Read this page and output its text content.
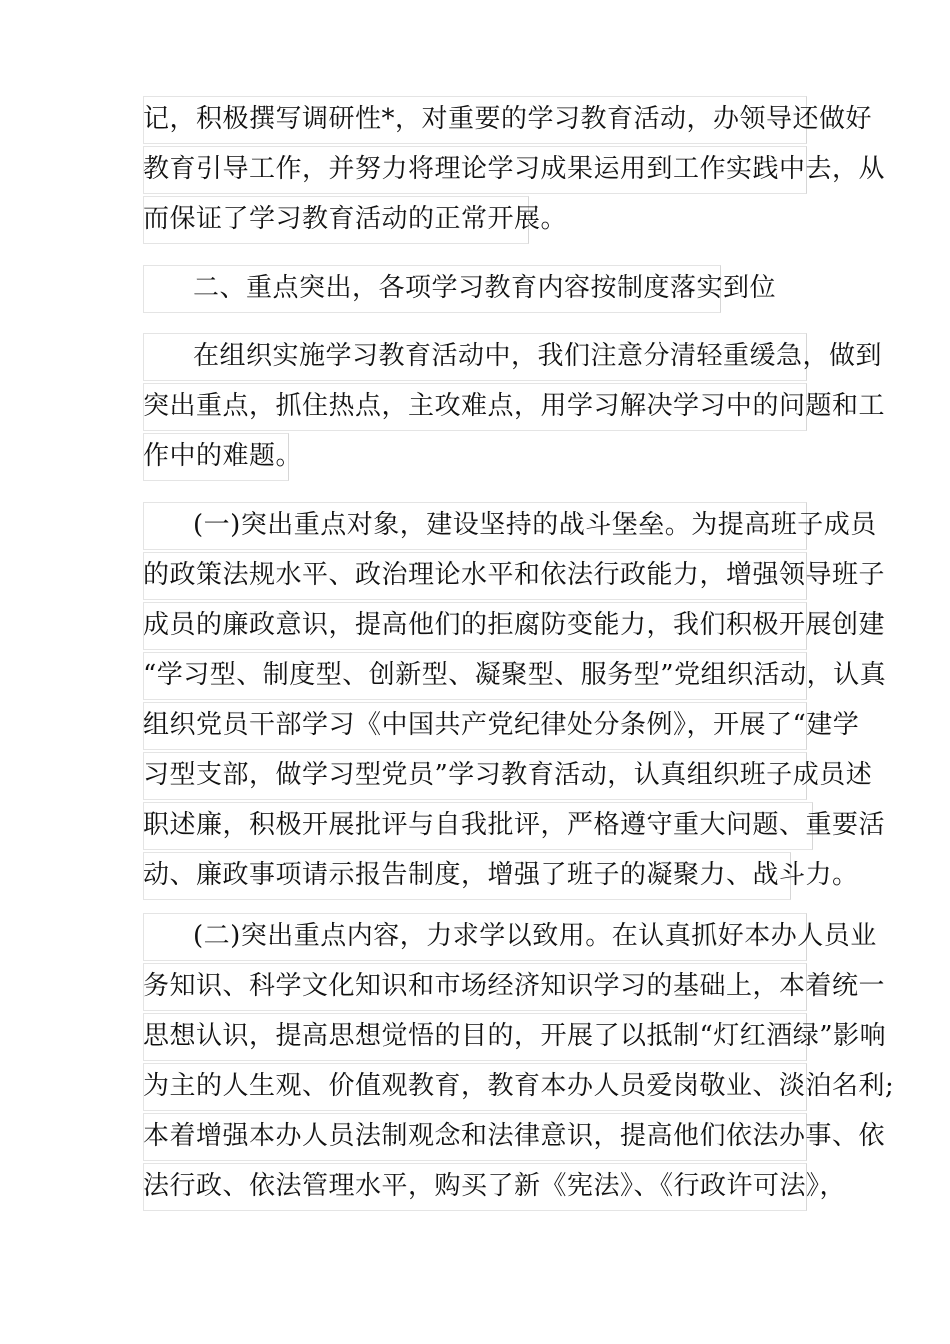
记，积极撰写调研性*，对重要的学习教育活动，办领导还做好
教育引导工作，并努力将理论学习成果运用到工作实践中去，从
而保证了学习教育活动的正常开展。
二、重点突出，各项学习教育内容按制度落实到位
在组织实施学习教育活动中，我们注意分清轻重缓急，做到
突出重点，抓住热点，主攻难点，用学习解决学习中的问题和工
作中的难题。
(一)突出重点对象，建设坚持的战斗堡垒。为提高班子成员
的政策法规水平、政治理论水平和依法行政能力，增强领导班子
成员的廉政意识，提高他们的拒腐防变能力，我们积极开展创建
“学习型、制度型、创新型、凝聚型、服务型”党组织活动，认真
组织党员干部学习《中国共产党纪律处分条例》，开展了“建学
习型支部，做学习型党员”学习教育活动，认真组织班子成员述
职述廉，积极开展批评与自我批评，严格遵守重大问题、重要活
动、廉政事项请示报告制度，增强了班子的凝聚力、战斗力。
(二)突出重点内容，力求学以致用。在认真抓好本办人员业
务知识、科学文化知识和市场经济知识学习的基础上，本着统一
思想认识，提高思想觉悟的目的，开展了以抵制“灯红酒绿”影响
为主的人生观、价值观教育，教育本办人员爱岗敬业、淡泊名利;
本着增强本办人员法制观念和法律意识，提高他们依法办事、依
法行政、依法管理水平，购买了新《宪法》、《行政许可法》，
